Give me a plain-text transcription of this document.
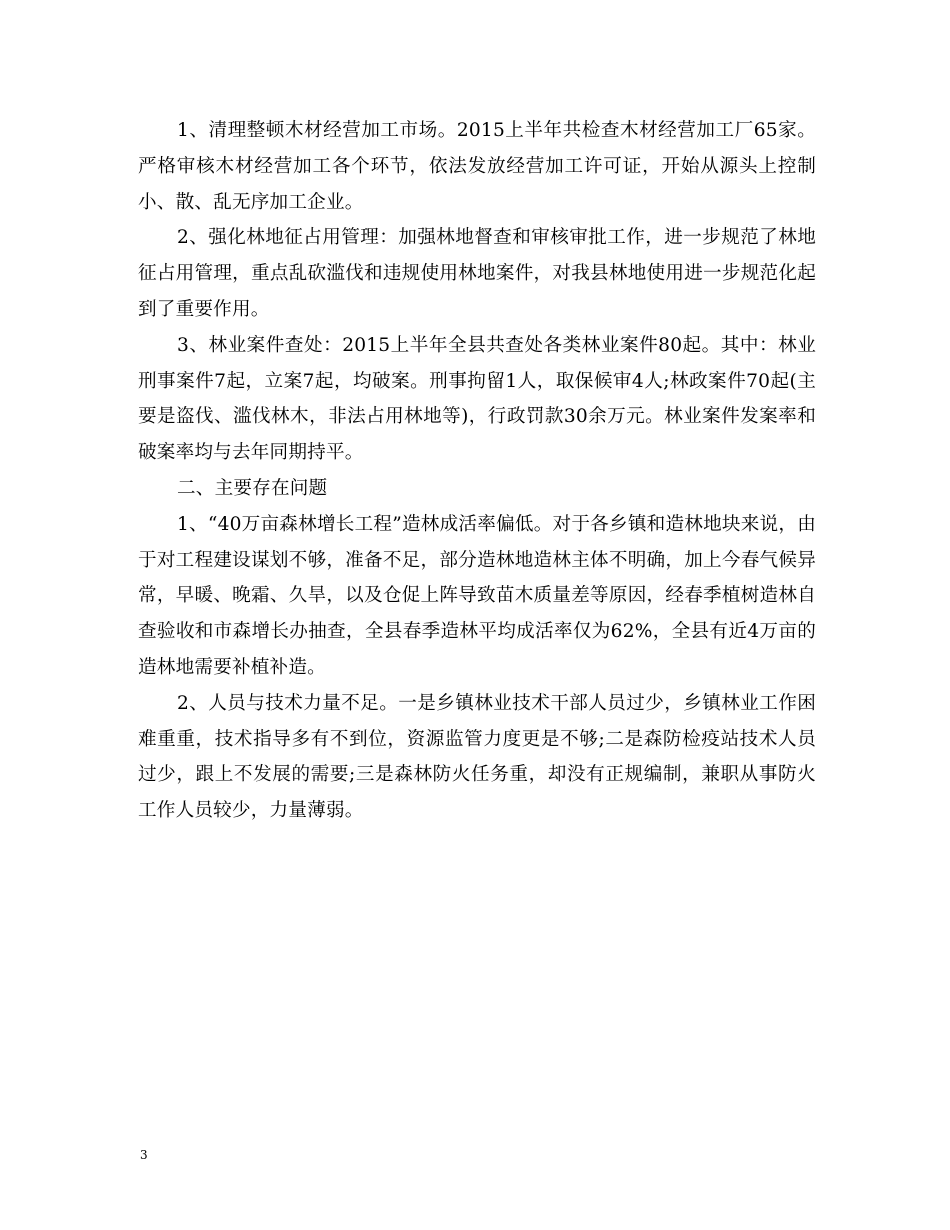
1、清理整顿木材经营加工市场。2015上半年共检查木材经营加工厂65家。严格审核木材经营加工各个环节，依法发放经营加工许可证，开始从源头上控制小、散、乱无序加工企业。

2、强化林地征占用管理：加强林地督查和审核审批工作，进一步规范了林地征占用管理，重点乱砍滥伐和违规使用林地案件，对我县林地使用进一步规范化起到了重要作用。

3、林业案件查处：2015上半年全县共查处各类林业案件80起。其中：林业刑事案件7起，立案7起，均破案。刑事拘留1人，取保候审4人;林政案件70起(主要是盗伐、滥伐林木，非法占用林地等)，行政罚款30余万元。林业案件发案率和破案率均与去年同期持平。

二、主要存在问题

1、“40万亩森林增长工程”造林成活率偏低。对于各乡镇和造林地块来说，由于对工程建设谋划不够，准备不足，部分造林地造林主体不明确，加上今春气候异常，早暖、晚霜、久旱，以及仓促上阵导致苗木质量差等原因，经春季植树造林自查验收和市森增长办抽查，全县春季造林平均成活率仅为62%，全县有近4万亩的造林地需要补植补造。

2、人员与技术力量不足。一是乡镇林业技术干部人员过少，乡镇林业工作困难重重，技术指导多有不到位，资源监管力度更是不够;二是森防检疫站技术人员过少，跟上不发展的需要;三是森林防火任务重，却没有正规编制，兼职从事防火工作人员较少，力量薄弱。

3
